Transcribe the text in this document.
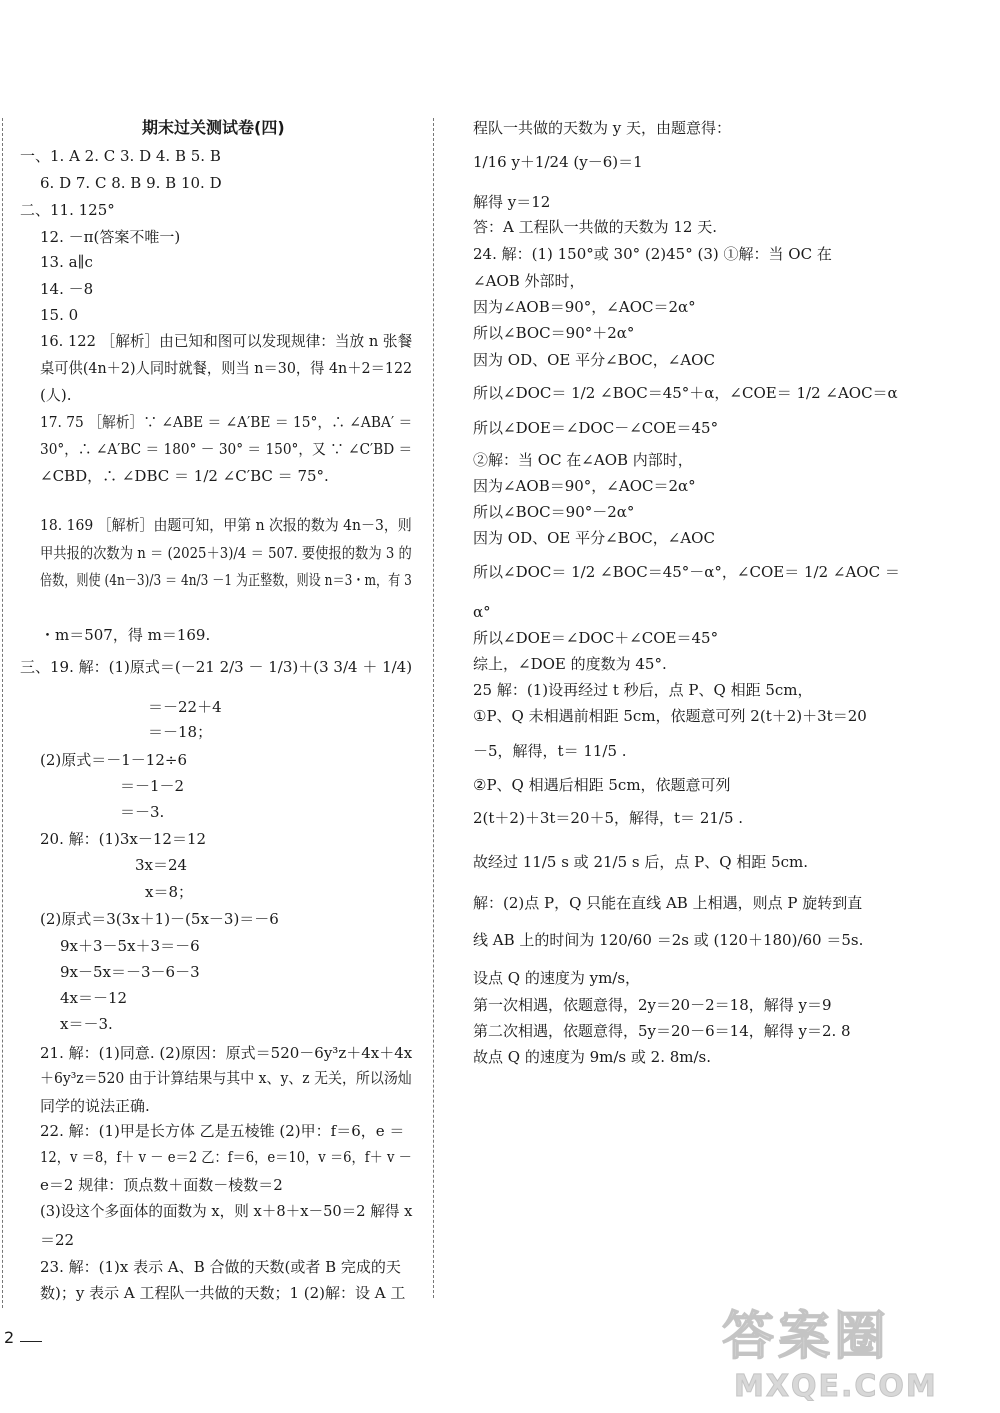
期末过关测试卷(四)
一、1. A 2. C 3. D 4. B 5. B
6. D 7. C 8. B 9. B 10. D
二、11. 125°
12. －π(答案不唯一)
13. a∥c
14. －8
15. 0
16. 122 ［解析］由已知和图可以发现规律：当放 n 张餐
桌可供(4n＋2)人同时就餐，则当 n＝30，得 4n＋2＝122
(人).
17. 75 ［解析］∵ ∠ABE ＝ ∠A′BE ＝ 15°，∴ ∠ABA′ ＝
30°，∴ ∠A′BC ＝ 180° － 30° ＝ 150°，又 ∵ ∠C′BD ＝
∠CBD，∴ ∠DBC ＝ 1/2 ∠C′BC ＝ 75°.
18. 169 ［解析］由题可知，甲第 n 次报的数为 4n－3，则
甲共报的次数为 n ＝ (2025＋3)/4 ＝ 507. 要使报的数为 3 的
倍数，则使 (4n－3)/3 ＝ 4n/3 －1 为正整数，则设 n＝3・m，有 3
・m＝507，得 m＝169.
三、19. 解：(1)原式＝(－21 2/3 － 1/3)＋(3 3/4 ＋ 1/4)
＝－22＋4
＝－18；
(2)原式＝－1－12÷6
＝－1－2
＝－3.
20. 解：(1)3x－12＝12
3x＝24
x＝8；
(2)原式＝3(3x＋1)－(5x－3)＝－6
9x＋3－5x＋3＝－6
9x－5x＝－3－6－3
4x＝－12
x＝－3.
21. 解：(1)同意. (2)原因：原式＝520－6y³z＋4x＋4x
＋6y³z＝520 由于计算结果与其中 x、y、z 无关，所以汤灿
同学的说法正确.
22. 解：(1)甲是长方体 乙是五棱锥 (2)甲：f＝6，e ＝
12，v ＝8，f＋ v － e＝2 乙：f＝6，e＝10，v ＝6，f＋ v －
e＝2 规律：顶点数＋面数－棱数＝2
(3)设这个多面体的面数为 x，则 x＋8＋x－50＝2 解得 x
＝22
23. 解：(1)x 表示 A、B 合做的天数(或者 B 完成的天
数)；y 表示 A 工程队一共做的天数；1 (2)解：设 A 工
程队一共做的天数为 y 天，由题意得：
1/16 y＋1/24 (y－6)＝1
解得 y＝12
答：A 工程队一共做的天数为 12 天.
24. 解：(1) 150°或 30° (2)45° (3) ①解：当 OC 在
∠AOB 外部时，
因为∠AOB＝90°，∠AOC＝2α°
所以∠BOC＝90°＋2α°
因为 OD、OE 平分∠BOC，∠AOC
所以∠DOC＝ 1/2 ∠BOC＝45°＋α，∠COE＝ 1/2 ∠AOC＝α
所以∠DOE＝∠DOC－∠COE＝45°
②解：当 OC 在∠AOB 内部时，
因为∠AOB＝90°，∠AOC＝2α°
所以∠BOC＝90°－2α°
因为 OD、OE 平分∠BOC，∠AOC
所以∠DOC＝ 1/2 ∠BOC＝45°－α°，∠COE＝ 1/2 ∠AOC ＝
α°
所以∠DOE＝∠DOC＋∠COE＝45°
综上，∠DOE 的度数为 45°.
25 解：(1)设再经过 t 秒后，点 P、Q 相距 5cm，
①P、Q 未相遇前相距 5cm，依题意可列 2(t＋2)＋3t＝20
－5，解得，t＝ 11/5 .
②P、Q 相遇后相距 5cm，依题意可列
2(t＋2)＋3t＝20＋5，解得，t＝ 21/5 .
故经过 11/5 s 或 21/5 s 后，点 P、Q 相距 5cm.
解：(2)点 P，Q 只能在直线 AB 上相遇，则点 P 旋转到直
线 AB 上的时间为 120/60 ＝2s 或 (120＋180)/60 ＝5s.
设点 Q 的速度为 ym/s，
第一次相遇，依题意得，2y＝20－2＝18，解得 y＝9
第二次相遇，依题意得，5y＝20－6＝14，解得 y＝2. 8
故点 Q 的速度为 9m/s 或 2. 8m/s.
2	答案圈
MXQE.COM
